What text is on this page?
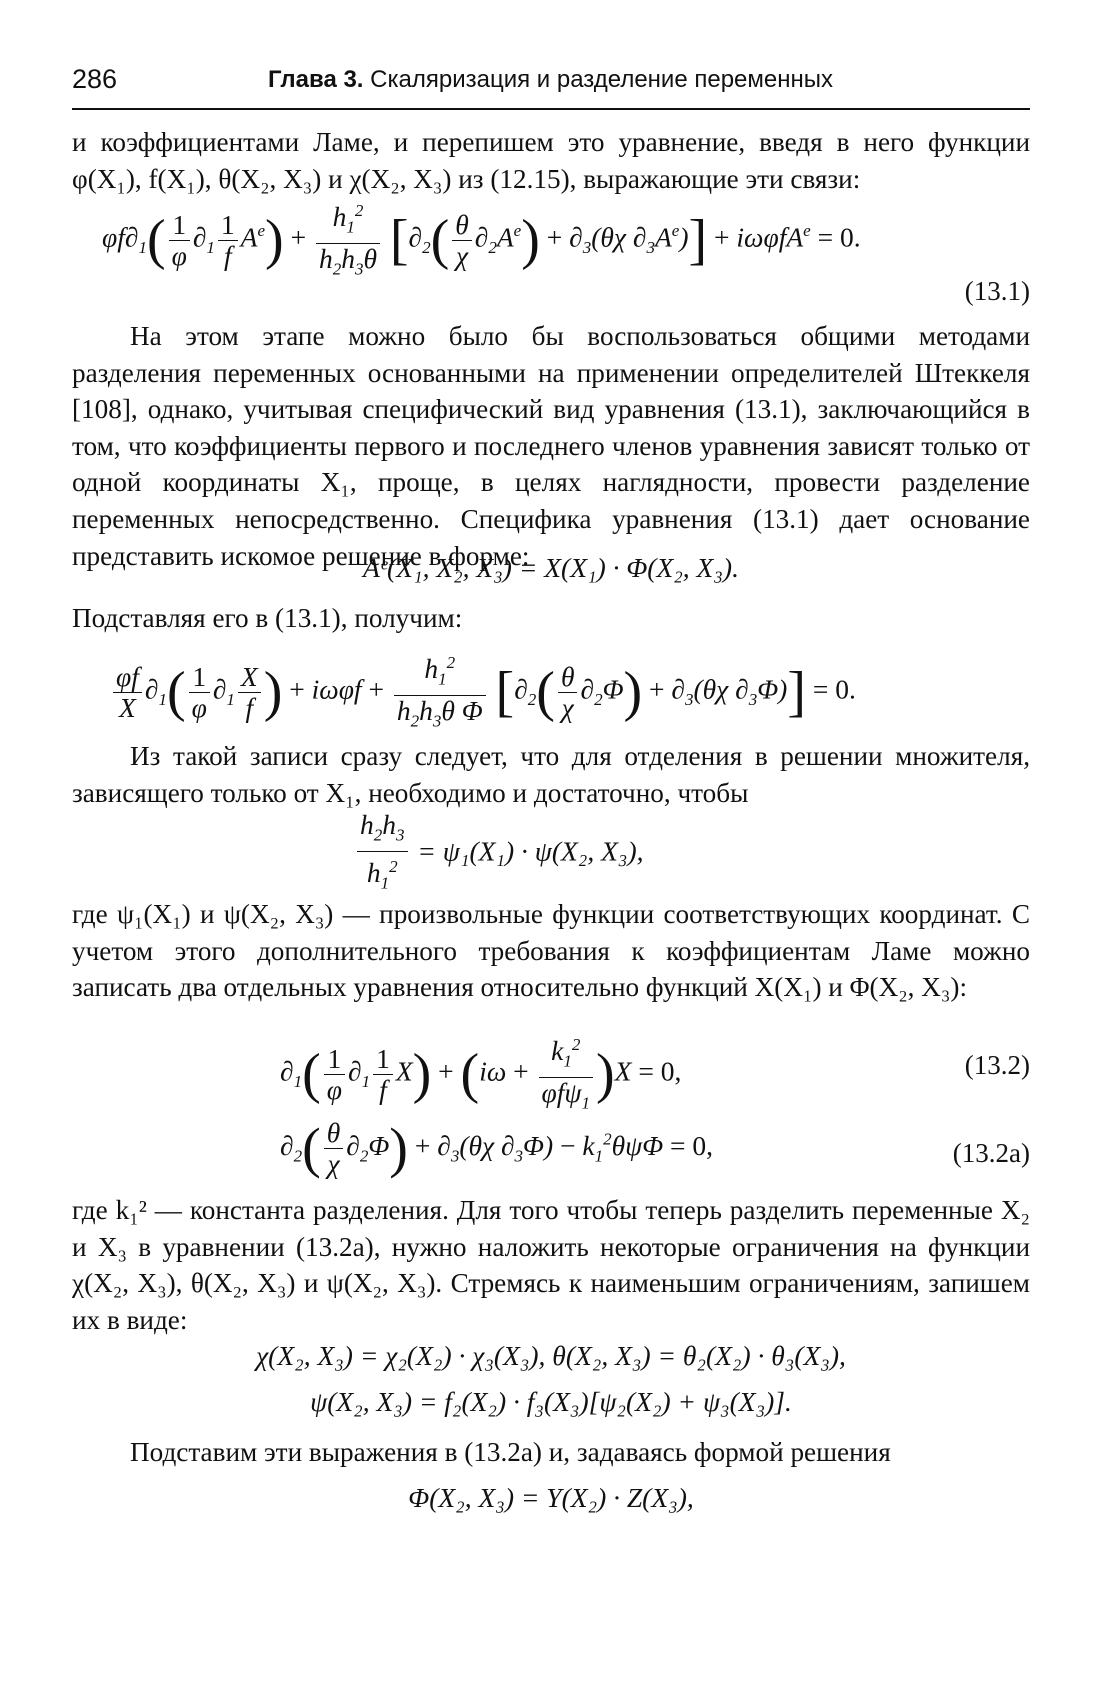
286	Глава 3. Скаляризация и разделение переменных
и коэффициентами Ламе, и перепишем это уравнение, введя в него функции φ(X₁), f(X₁), θ(X₂, X₃) и χ(X₂, X₃) из (12.15), выражающие эти связи:
$\varphi f\partial_1( \frac{1}{\varphi} \partial_1 \frac{1}{f} A^e) + \frac{h_1^2}{h_2h_3\theta} [\partial_2( \frac{\theta}{\chi} \partial_2A^e) + \partial_3(\theta\chi$ $\partial_3A^e)] + i\omega\varphi fA^e = 0$.
(13.1)
На этом этапе можно было бы воспользоваться общими методами разделения переменных основанными на применении определителей Штеккеля [108], однако, учитывая специфический вид уравнения (13.1), заключающийся в том, что коэффициенты первого и последнего членов уравнения зависят только от одной координаты X₁, проще, в целях наглядности, провести разделение переменных непосредственно. Специфика уравнения (13.1) дает основание представить искомое решение в форме:
Aᵉ(X₁, X₂, X₃) = X(X₁) · Φ(X₂, X₃).
Подставляя его в (13.1), получим:
$\frac{\varphi f}{X} \partial_1( \frac{1}{\varphi} \partial_1 \frac{X}{f}$ ) + $i\omega\varphi f + \frac{h_1^2}{h_2h_3\theta \Phi} [\partial_2( \frac{\theta}{\chi} \partial_2\Phi) + \partial_3(\theta\chi$ $\partial_3\Phi)] = 0$.
Из такой записи сразу следует, что для отделения в решении множителя, зависящего только от X₁, необходимо и достаточно, чтобы
$\frac{h_2h_3}{h_1^2} = \psi_1(X_1) \cdot \psi(X_2$, X₃),
где ψ₁(X₁) и ψ(X₂, X₃) — произвольные функции соответствующих координат. С учетом этого дополнительного требования к коэффициентам Ламе можно записать два отдельных уравнения относительно функций X(X₁) и Φ(X₂, X₃):
$\partial_1( \frac{1}{\varphi} \partial_1 \frac{1}{f} X) + (i\omega + \frac{k_1^2}{\varphi f\psi_1} )X = 0$,	(13.2)
$\partial_2( \frac{\theta}{\chi} \partial_2\Phi) + \partial_3(\theta\chi$ $\partial_3\Phi) - k_1^2\theta\psi\Phi = 0$,	(13.2a)
где k₁² — константа разделения. Для того чтобы теперь разделить переменные X₂ и X₃ в уравнении (13.2а), нужно наложить некоторые ограничения на функции χ(X₂, X₃), θ(X₂, X₃) и ψ(X₂, X₃). Стремясь к наименьшим ограничениям, запишем их в виде:
χ(X₂, X₃) = χ₂(X₂) · χ₃(X₃), θ(X₂, X₃) = θ₂(X₂) · θ₃(X₃),
ψ(X₂, X₃) = f₂(X₂) · f₃(X₃)[ψ₂(X₂) + ψ₃(X₃)].
Подставим эти выражения в (13.2а) и, задаваясь формой решения
Φ(X₂, X₃) = Y(X₂) · Z(X₃),
